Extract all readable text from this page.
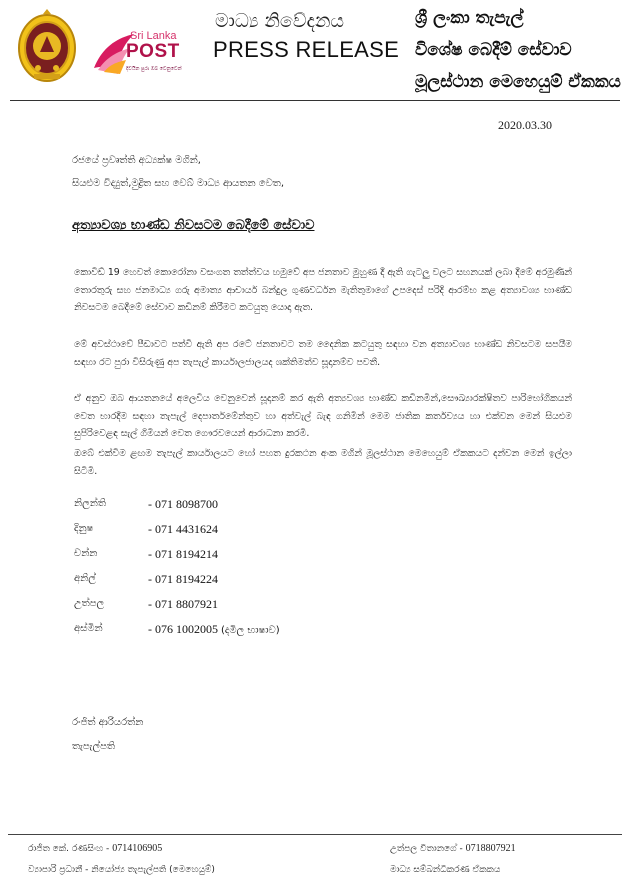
Sri Lanka
POST
දිවයින පුරා ඔබ වෙනුවෙන්
මාධ්‍ය නිවේදනය
PRESS RELEASE
ශ්‍රී ලංකා තැපැල්
විශේෂ බෙදීම් සේවාව
මූලස්ථාන මෙහෙයුම් ඒකකය
2020.03.30
රජයේ ප්‍රවෘත්ති අධ්‍යක්ෂ මගින්,
සියළුම විද්‍යුත්,මුද්‍රිත සහ වෙබ් මාධ්‍ය ආයතන වෙත,
අත්‍යාවශ්‍ය භාණ්ඩ නිවසටම බෙදීමේ සේවාව
කොවිඩ් 19 හෙවත් කොරෝනා වසංගත තත්ත්වය හමුවේ අප ජනතාව මුහුණ දී ඇති ගැටලු වලට සහනයක් ලබා දීමේ අරමුණින් තොරතුරු සහ ජනමාධ්‍ය ගරු අමාත්‍ය ආචාර්ය බන්දුල ගුණවර්ධන මැතිතුමාගේ උපදෙස් පරිදි ආරම්භ කළ අත්‍යාවශ්‍ය භාණ්ඩ නිවසටම බෙදීමේ සේවාව කඩිනම් කිරීමට කටයුතු යොදා ඇත.
මේ අවස්ථාවේ පීඩාවට පත්වී ඇති අප රටේ ජනතාවට තම දෛනික කටයුතු සඳහා වන අත්‍යාවශ්‍ය භාණ්ඩ නිවසටම සපයීම සඳහා රට පුරා විසිරුණු අප තැපැල් කාර්යාලජාලයද ශක්තිමත්ව සූදානම්ව පවතී.
ඒ අනුව ඔබ ආයතනයේ අලෙවිය වෙනුවෙන් සූදානම් කර ඇති අත්‍යවශ්‍ය භාණ්ඩ කඩිනමින්,සෞඛ්‍යාරක්ෂිතව පාරිභෝගිකයන් වෙත භාරදීම සඳහා තැපැල් දෙපාර්තමේන්තුව හා අත්වැල් බැඳ ගනිමින් මෙම ජාතික කර්තව්‍යය හා එක්වන මෙන් සියළුම සුපිරිවෙළඳ සැල් ගිමියන් වෙත ගෞරවයෙන් ආරාධනා කරමි.
ඔබේ එක්වීම ළඟම තැපැල් කාර්යාලයට හෝ පහත දුරකථන අංක මගින් මූලස්ථාන මෙහෙයුම් ඒකකයට දන්වන මෙන් ඉල්ලා සිටිමි.
නිලන්ති	- 071 8098700
දිනුෂ	- 071 4431624
චන්න	- 071 8194214
අනිල්	- 071 8194224
උත්පල	- 071 8807921
අස්මින්	- 076 1002005 (දමිල භාෂාව)
රංජිත් ආරියරත්න
තැපැල්පති
රාජිත කේ. රණසිංහ - 0714106905
ව්‍යාපාරි ප්‍රධානී - නියෝජ්‍ය තැපැල්පති (මෙහෙයුම්)
උත්පල විතානගේ - 0718807921
මාධ්‍ය සම්බන්ධීකරණ ඒකකය
